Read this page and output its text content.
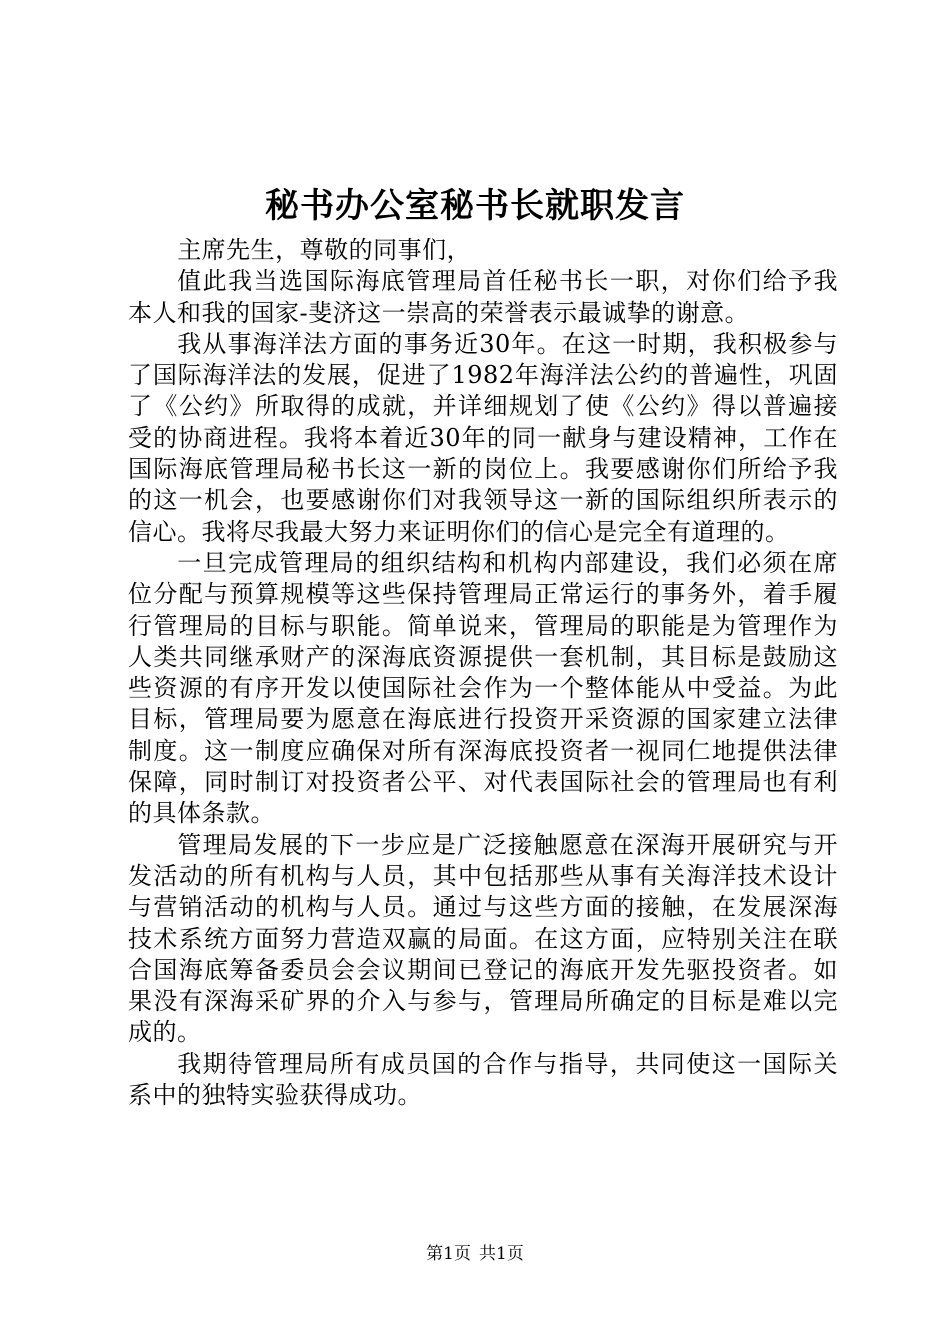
秘书办公室秘书长就职发言

主席先生，尊敬的同事们，

值此我当选国际海底管理局首任秘书长一职，对你们给予我本人和我的国家-斐济这一崇高的荣誉表示最诚挚的谢意。

我从事海洋法方面的事务近30年。在这一时期，我积极参与了国际海洋法的发展，促进了1982年海洋法公约的普遍性，巩固了《公约》所取得的成就，并详细规划了使《公约》得以普遍接受的协商进程。我将本着近30年的同一献身与建设精神，工作在国际海底管理局秘书长这一新的岗位上。我要感谢你们所给予我的这一机会，也要感谢你们对我领导这一新的国际组织所表示的信心。我将尽我最大努力来证明你们的信心是完全有道理的。

一旦完成管理局的组织结构和机构内部建设，我们必须在席位分配与预算规模等这些保持管理局正常运行的事务外，着手履行管理局的目标与职能。简单说来，管理局的职能是为管理作为人类共同继承财产的深海底资源提供一套机制，其目标是鼓励这些资源的有序开发以使国际社会作为一个整体能从中受益。为此目标，管理局要为愿意在海底进行投资开采资源的国家建立法律制度。这一制度应确保对所有深海底投资者一视同仁地提供法律保障，同时制订对投资者公平、对代表国际社会的管理局也有利的具体条款。

管理局发展的下一步应是广泛接触愿意在深海开展研究与开发活动的所有机构与人员，其中包括那些从事有关海洋技术设计与营销活动的机构与人员。通过与这些方面的接触，在发展深海技术系统方面努力营造双赢的局面。在这方面，应特别关注在联合国海底筹备委员会会议期间已登记的海底开发先驱投资者。如果没有深海采矿界的介入与参与，管理局所确定的目标是难以完成的。

我期待管理局所有成员国的合作与指导，共同使这一国际关系中的独特实验获得成功。

第1页 共1页
